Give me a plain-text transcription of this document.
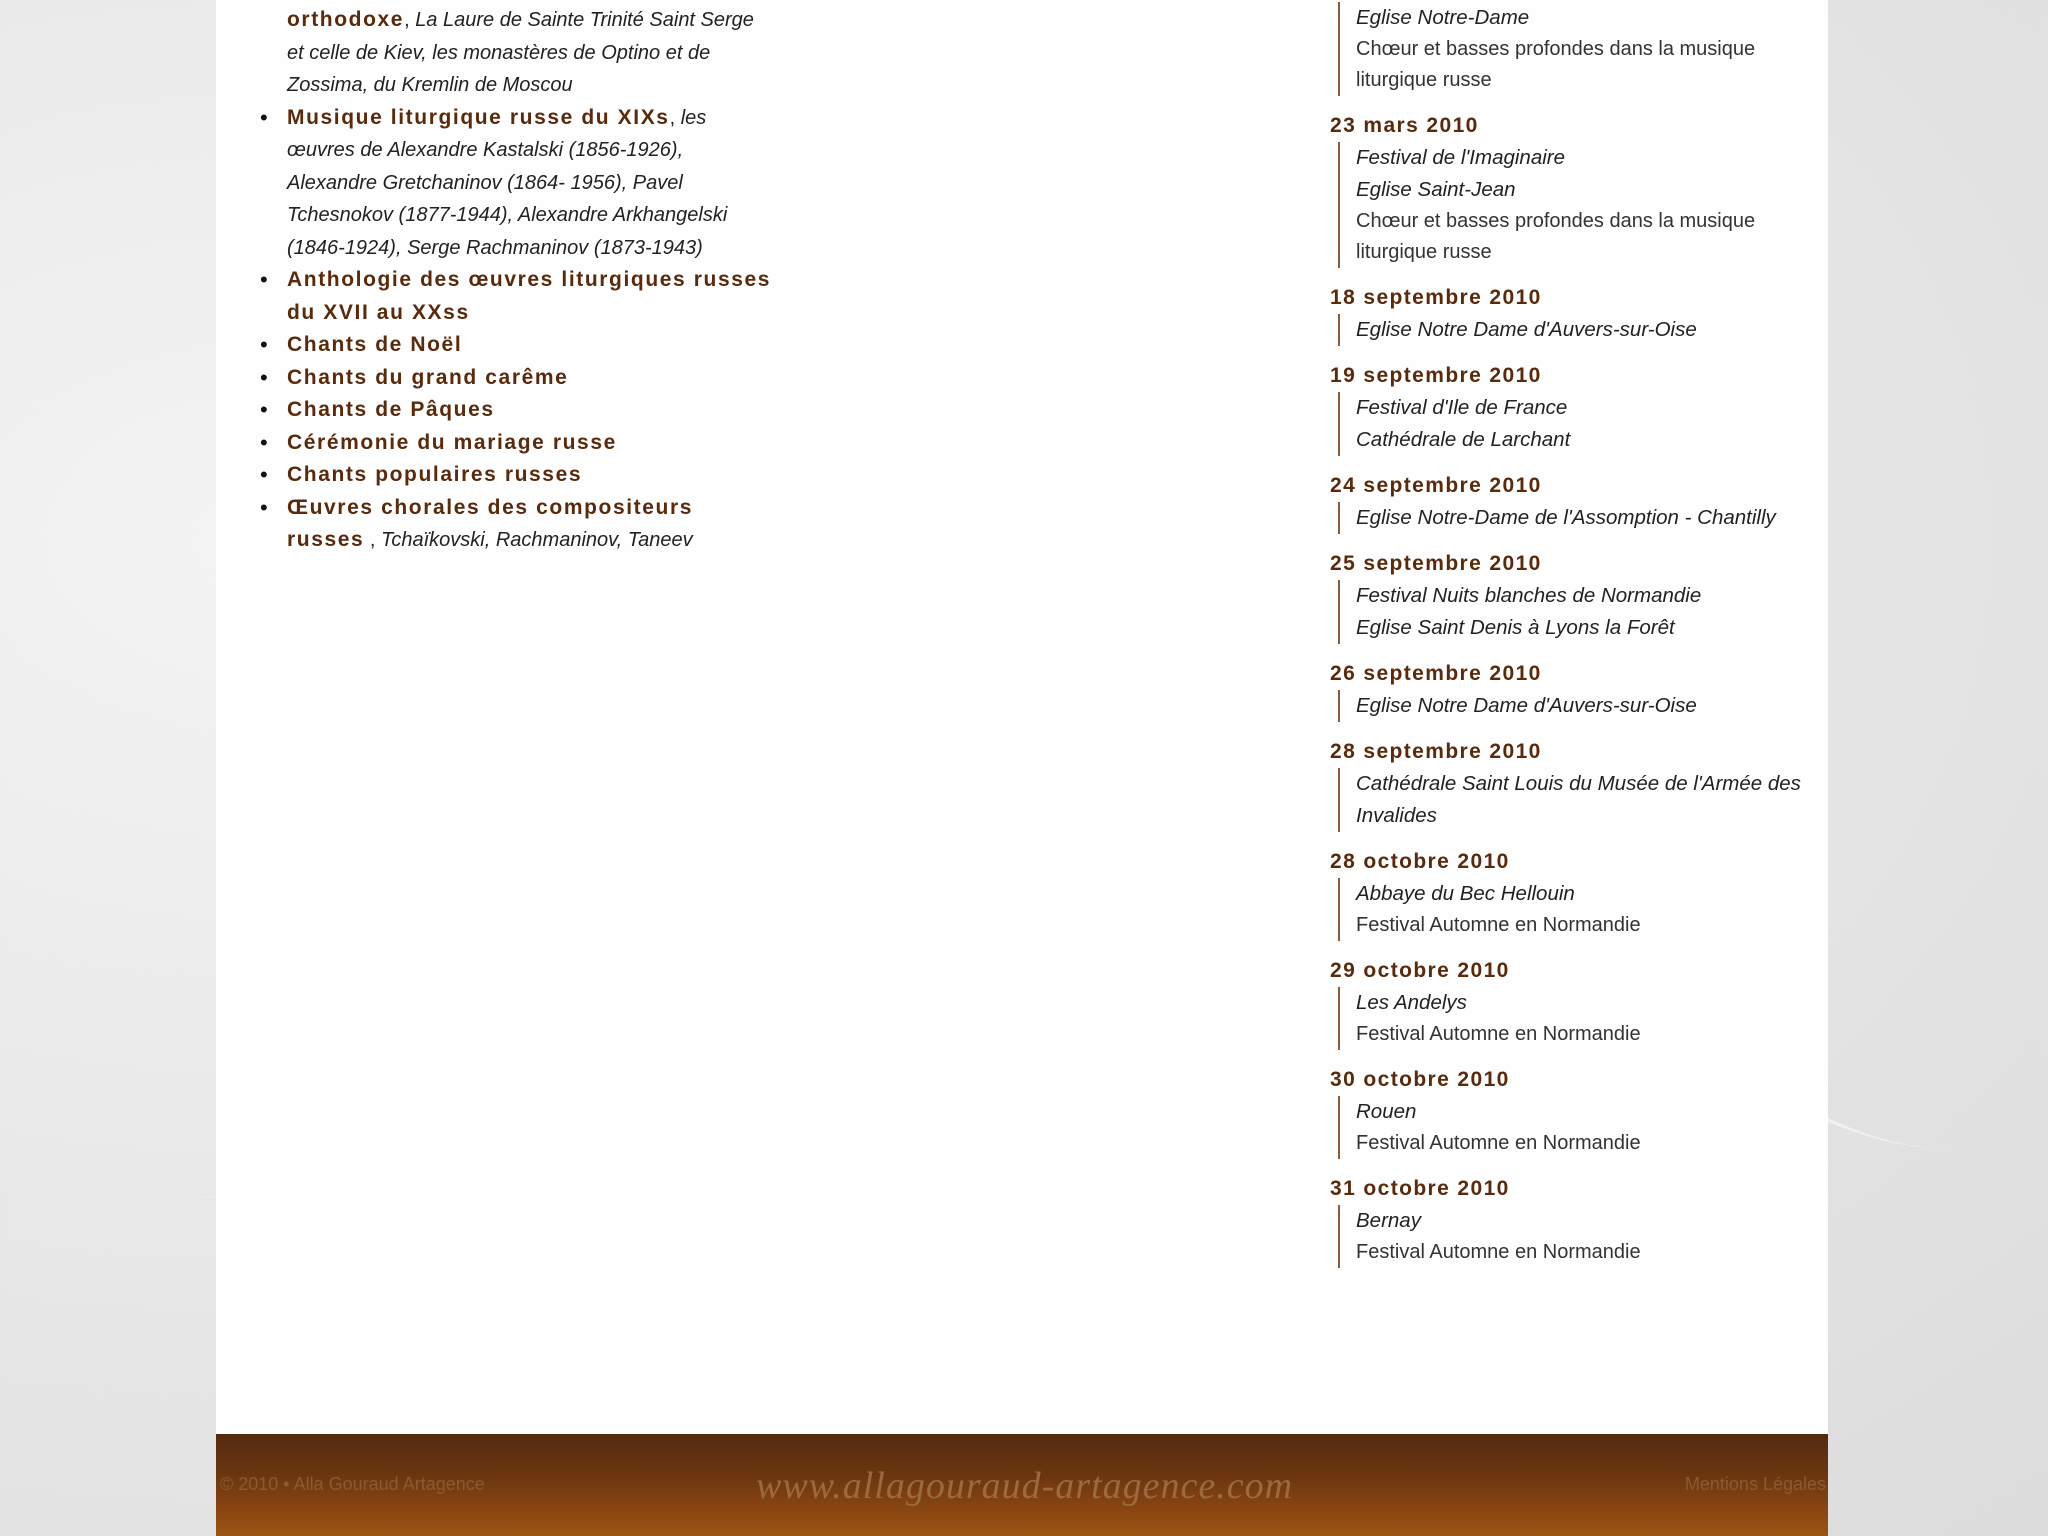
orthodoxe, La Laure de Sainte Trinité Saint Serge et celle de Kiev, les monastères de Optino et de Zossima, du Kremlin de Moscou
• Musique liturgique russe du XIXs, les œuvres de Alexandre Kastalski (1856-1926), Alexandre Gretchaninov (1864- 1956), Pavel Tchesnokov (1877-1944), Alexandre Arkhangelski (1846-1924), Serge Rachmaninov (1873-1943)
• Anthologie des œuvres liturgiques russes du XVII au XXss
• Chants de Noël
• Chants du grand carême
• Chants de Pâques
• Cérémonie du mariage russe
• Chants populaires russes
• Œuvres chorales des compositeurs russes , Tchaïkovski, Rachmaninov, Taneev
Eglise Notre-Dame
Chœur et basses profondes dans la musique liturgique russe
23 mars 2010
Festival de l'Imaginaire
Eglise Saint-Jean
Chœur et basses profondes dans la musique liturgique russe
18 septembre 2010
Eglise Notre Dame d'Auvers-sur-Oise
19 septembre 2010
Festival d'Ile de France
Cathédrale de Larchant
24 septembre 2010
Eglise Notre-Dame de l'Assomption - Chantilly
25 septembre 2010
Festival Nuits blanches de Normandie
Eglise Saint Denis à Lyons la Forêt
26 septembre 2010
Eglise Notre Dame d'Auvers-sur-Oise
28 septembre 2010
Cathédrale Saint Louis du Musée de l'Armée des Invalides
28 octobre 2010
Abbaye du Bec Hellouin
Festival Automne en Normandie
29 octobre 2010
Les Andelys
Festival Automne en Normandie
30 octobre 2010
Rouen
Festival Automne en Normandie
31 octobre 2010
Bernay
Festival Automne en Normandie
© 2010 • Alla Gouraud Artagence	www.allagouraud-artagence.com	Mentions Légales
